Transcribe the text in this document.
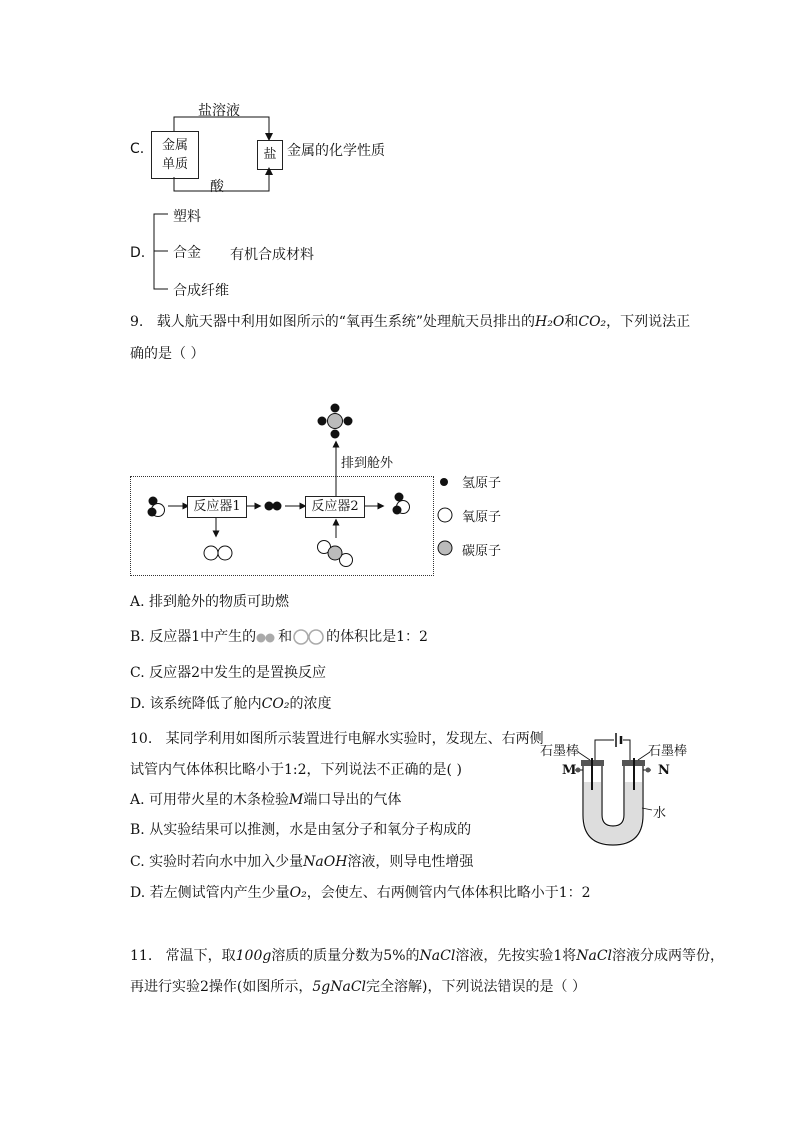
C.
盐溶液
金属
单质
盐 金属的化学性质
酸
D.
塑料
合金
合成纤维
有机合成材料
9. 载人航天器中利用如图所示的“氧再生系统”处理航天员排出的H₂O和CO₂，下列说法正
确的是（ ）
反应器1	反应器2
排到舱外
氢原子
氧原子
碳原子
A. 排到舱外的物质可助燃
B. 反应器1中产生的 和 的体积比是1：2
C. 反应器2中发生的是置换反应
D. 该系统降低了舱内CO₂的浓度
10. 某同学利用如图所示装置进行电解水实验时，发现左、右两侧
试管内气体体积比略小于1:2，下列说法不正确的是( )
A. 可用带火星的木条检验M端口导出的气体
B. 从实验结果可以推测，水是由氢分子和氧分子构成的
C. 实验时若向水中加入少量NaOH溶液，则导电性增强
D. 若左侧试管内产生少量O₂，会使左、右两侧管内气体体积比略小于1：2
石墨棒	石墨棒
M	N
水
11. 常温下，取100g溶质的质量分数为5%的NaCl溶液，先按实验1将NaCl溶液分成两等份，
再进行实验2操作(如图所示，5gNaCl完全溶解)，下列说法错误的是（ ）
